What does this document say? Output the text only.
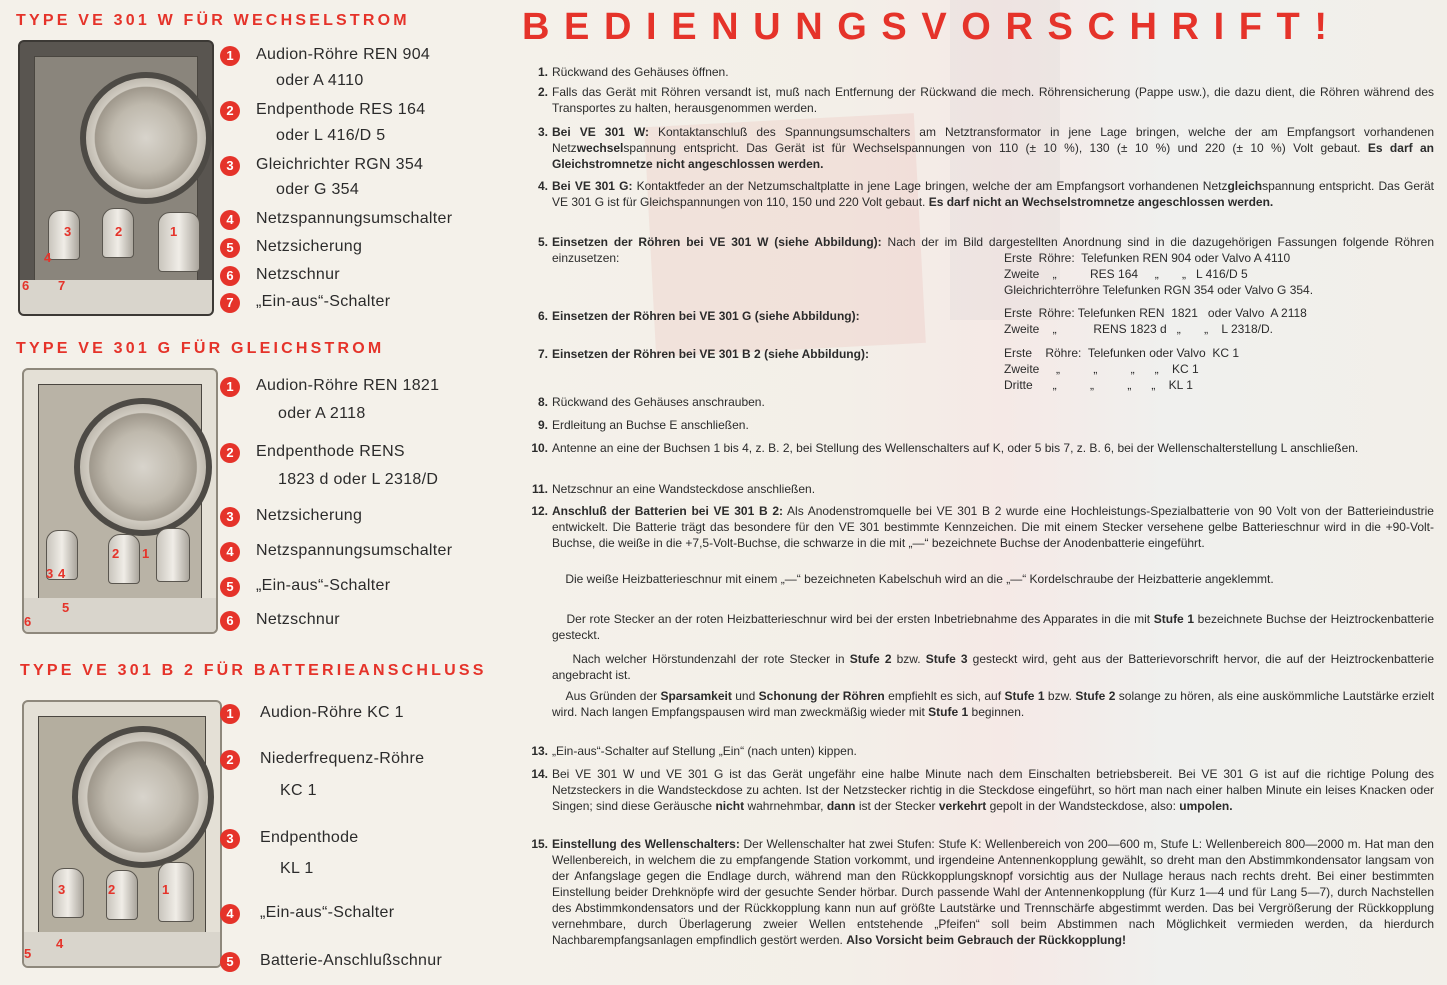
TYPE VE 301 W FÜR WECHSELSTROM
3	2	1
4
6 7
1	Audion-Röhre REN 904
oder A 4110
2	Endpenthode RES 164
oder L 416/D 5
3	Gleichrichter RGN 354
oder G 354
4	Netzspannungsumschalter
5	Netzsicherung
6	Netzschnur
7	„Ein-aus“-Schalter
TYPE VE 301 G FÜR GLEICHSTROM
3 4
2 1
5
6
1	Audion-Röhre REN 1821
oder A 2118
2	Endpenthode RENS
1823 d oder L 2318/D
3	Netzsicherung
4	Netzspannungsumschalter
5	„Ein-aus“-Schalter
6	Netzschnur
TYPE VE 301 B 2 FÜR BATTERIEANSCHLUSS
3	2	1
4
5
1	Audion-Röhre KC 1
2	Niederfrequenz-Röhre
KC 1
3	Endpenthode
KL 1
4	„Ein-aus“-Schalter
5	Batterie-Anschlußschnur
BEDIENUNGSVORSCHRIFT!
1. Rückwand des Gehäuses öffnen.
2. Falls das Gerät mit Röhren versandt ist, muß nach Entfernung der Rückwand die mech. Röhrensicherung (Pappe usw.), die dazu dient, die Röhren während des Transportes zu halten, herausgenommen werden.
3. Bei VE 301 W: Kontaktanschluß des Spannungsumschalters am Netztransformator in jene Lage bringen, welche der am Empfangsort vorhandenen Netzwechselspannung entspricht. Das Gerät ist für Wechselspannungen von 110 (± 10 %), 130 (± 10 %) und 220 (± 10 %) Volt gebaut. Es darf an Gleichstromnetze nicht angeschlossen werden.
4. Bei VE 301 G: Kontaktfeder an der Netzumschaltplatte in jene Lage bringen, welche der am Empfangsort vorhandenen Netzgleichspannung entspricht. Das Gerät VE 301 G ist für Gleichspannungen von 110, 150 und 220 Volt gebaut. Es darf nicht an Wechselstromnetze angeschlossen werden.
5. Einsetzen der Röhren bei VE 301 W (siehe Abbildung): Nach der im Bild dargestellten Anordnung sind in die dazugehörigen Fassungen folgende Röhren einzusetzen:	Erste  Röhre:  Telefunken REN 904 oder Valvo A 4110
Zweite    „          RES 164     „       „   L 416/D 5
Gleichrichterröhre Telefunken RGN 354 oder Valvo G 354.
6. Einsetzen der Röhren bei VE 301 G (siehe Abbildung):	Erste  Röhre: Telefunken REN  1821   oder Valvo  A 2118
Zweite    „           RENS 1823 d   „       „    L 2318/D.
7. Einsetzen der Röhren bei VE 301 B 2 (siehe Abbildung):	Erste    Röhre:  Telefunken oder Valvo  KC 1
Zweite     „          „          „      „    KC 1
Dritte      „          „          „      „    KL 1
8. Rückwand des Gehäuses anschrauben.
9. Erdleitung an Buchse E anschließen.
10. Antenne an eine der Buchsen 1 bis 4, z. B. 2, bei Stellung des Wellenschalters auf K, oder 5 bis 7, z. B. 6, bei der Wellenschalterstellung L anschließen.
11. Netzschnur an eine Wandsteckdose anschließen.
12. Anschluß der Batterien bei VE 301 B 2: Als Anodenstromquelle bei VE 301 B 2 wurde eine Hochleistungs-Spezialbatterie von 90 Volt von der Batterieindustrie entwickelt. Die Batterie trägt das besondere für den VE 301 bestimmte Kennzeichen. Die mit einem Stecker versehene gelbe Batterieschnur wird in die +90-Volt-Buchse, die weiße in die +7,5-Volt-Buchse, die schwarze in die mit „—“ bezeichnete Buchse der Anodenbatterie eingeführt.
Die weiße Heizbatterieschnur mit einem „—“ bezeichneten Kabelschuh wird an die „—“ Kordelschraube der Heizbatterie angeklemmt.
Der rote Stecker an der roten Heizbatterieschnur wird bei der ersten Inbetriebnahme des Apparates in die mit Stufe 1 bezeichnete Buchse der Heiztrockenbatterie gesteckt.
Nach welcher Hörstundenzahl der rote Stecker in Stufe 2 bzw. Stufe 3 gesteckt wird, geht aus der Batterievorschrift hervor, die auf der Heiztrockenbatterie angebracht ist.
Aus Gründen der Sparsamkeit und Schonung der Röhren empfiehlt es sich, auf Stufe 1 bzw. Stufe 2 solange zu hören, als eine auskömmliche Lautstärke erzielt wird. Nach langen Empfangspausen wird man zweckmäßig wieder mit Stufe 1 beginnen.
13. „Ein-aus“-Schalter auf Stellung „Ein“ (nach unten) kippen.
14. Bei VE 301 W und VE 301 G ist das Gerät ungefähr eine halbe Minute nach dem Einschalten betriebsbereit. Bei VE 301 G ist auf die richtige Polung des Netzsteckers in die Wandsteckdose zu achten. Ist der Netzstecker richtig in die Steckdose eingeführt, so hört man nach einer halben Minute ein leises Knacken oder Singen; sind diese Geräusche nicht wahrnehmbar, dann ist der Stecker verkehrt gepolt in der Wandsteckdose, also: umpolen.
15. Einstellung des Wellenschalters: Der Wellenschalter hat zwei Stufen: Stufe K: Wellenbereich von 200—600 m, Stufe L: Wellenbereich 800—2000 m. Hat man den Wellenbereich, in welchem die zu empfangende Station vorkommt, und irgendeine Antennenkopplung gewählt, so dreht man den Abstimmkondensator langsam von der Anfangslage gegen die Endlage durch, während man den Rückkopplungsknopf vorsichtig aus der Nullage heraus nach rechts dreht. Bei einer bestimmten Einstellung beider Drehknöpfe wird der gesuchte Sender hörbar. Durch passende Wahl der Antennenkopplung (für Kurz 1—4 und für Lang 5—7), durch Nachstellen des Abstimmkondensators und der Rückkopplung kann nun auf größte Lautstärke und Trennschärfe abgestimmt werden. Das bei Vergrößerung der Rückkopplung vernehmbare, durch Überlagerung zweier Wellen entstehende „Pfeifen“ soll beim Abstimmen nach Möglichkeit vermieden werden, da hierdurch Nachbarempfangsanlagen empfindlich gestört werden. Also Vorsicht beim Gebrauch der Rückkopplung!
